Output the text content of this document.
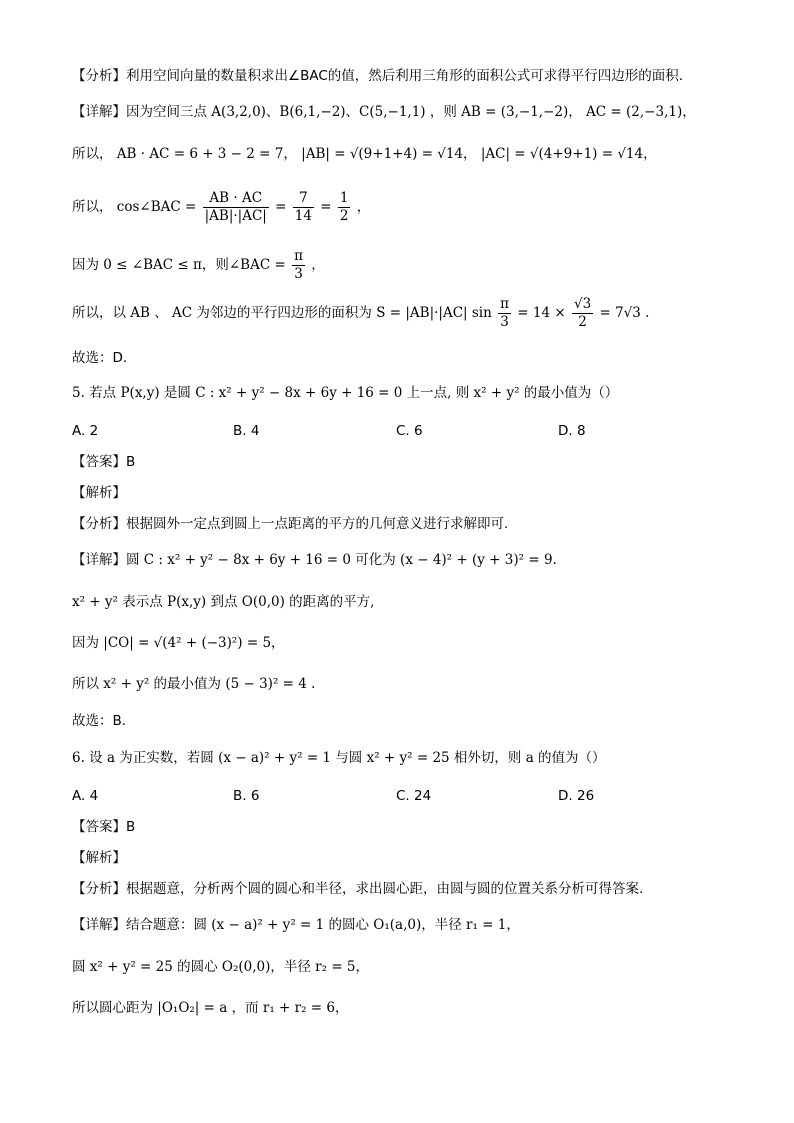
【分析】利用空间向量的数量积求出∠BAC的值，然后利用三角形的面积公式可求得平行四边形的面积.
【详解】因为空间三点 A(3,2,0)、B(6,1,−2)、C(5,−1,1) ，则 AB = (3,−1,−2)， AC = (2,−3,1)，
所以， AB · AC = 6 + 3 − 2 = 7， |AB| = √(9+1+4) = √14， |AC| = √(4+9+1) = √14，
所以， cos∠BAC = $\frac{AB \cdot AC}{|AB|\cdot|AC|} = \frac{7}{14} = \frac{1}{2}$ ，
因为 0 ≤ ∠BAC ≤ π，则∠BAC = $\frac{\pi}{3}$ ，
所以，以 AB 、 AC 为邻边的平行四边形的面积为 S = |AB|·|AC| $\sin \frac{\pi}{3} = 14 \times \frac{√3}{2} = 7√3$ .
故选：D.
5. 若点 P(x,y) 是圆 C : x² + y² − 8x + 6y + 16 = 0 上一点, 则 x² + y² 的最小值为（）
A. 2	B. 4	C. 6	D. 8
【答案】B
【解析】
【分析】根据圆外一定点到圆上一点距离的平方的几何意义进行求解即可.
【详解】圆 C : x² + y² − 8x + 6y + 16 = 0 可化为 (x − 4)² + (y + 3)² = 9.
x² + y² 表示点 P(x,y) 到点 O(0,0) 的距离的平方,
因为 |CO| = √(4² + (−3)²) = 5，
所以 x² + y² 的最小值为 (5 − 3)² = 4 .
故选：B.
6. 设 a 为正实数，若圆 (x − a)² + y² = 1 与圆 x² + y² = 25 相外切，则 a 的值为（）
A. 4	B. 6	C. 24	D. 26
【答案】B
【解析】
【分析】根据题意，分析两个圆的圆心和半径，求出圆心距，由圆与圆的位置关系分析可得答案.
【详解】结合题意：圆 (x − a)² + y² = 1 的圆心 O₁(a,0)，半径 r₁ = 1，
圆 x² + y² = 25 的圆心 O₂(0,0)，半径 r₂ = 5，
所以圆心距为 |O₁O₂| = a ，而 r₁ + r₂ = 6，
